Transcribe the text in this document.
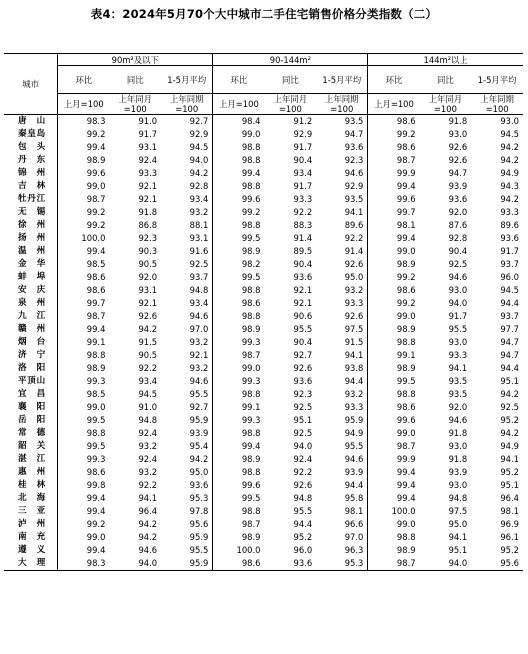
表4：2024年5月70个大中城市二手住宅销售价格分类指数（二）
城市	90m²及以下			90-144m²			144m²以上		
	环比	同比	1-5月平均	环比	同比	1-5月平均	环比	同比	1-5月平均
	上月=100	上年同月=100	上年同期=100	上月=100	上年同月=100	上年同期=100	上月=100	上年同月=100	上年同期=100
唐山	98.3	91.0	92.7	98.4	91.2	93.5	98.6	91.8	93.0
秦皇岛	99.2	91.7	92.9	99.0	92.9	94.7	99.2	93.0	94.5
包头	99.4	93.1	94.5	98.8	91.7	93.6	98.6	92.6	94.2
丹东	98.9	92.4	94.0	98.8	90.4	92.3	98.7	92.6	94.2
锦州	99.6	93.3	94.2	99.4	93.4	94.6	99.9	94.7	94.9
吉林	99.0	92.1	92.8	98.8	91.7	92.9	99.4	93.9	94.3
牡丹江	98.7	92.1	93.4	99.6	93.3	93.5	99.6	93.6	94.2
无锡	99.2	91.8	93.2	99.2	92.2	94.1	99.7	92.0	93.3
徐州	99.2	86.8	88.1	98.8	88.3	89.6	98.1	87.6	89.6
扬州	100.0	92.3	93.1	99.5	91.4	92.2	99.4	92.8	93.6
温州	99.4	90.3	91.6	98.9	89.5	91.4	99.0	90.4	91.7
金华	98.5	90.5	92.5	98.2	90.4	92.6	98.9	92.5	93.7
蚌埠	98.6	92.0	93.7	99.5	93.6	95.0	99.2	94.6	96.0
安庆	98.6	93.1	94.8	98.8	92.1	93.2	98.6	93.0	94.5
泉州	99.7	92.1	93.4	98.6	92.1	93.3	99.2	94.0	94.4
九江	98.7	92.6	94.6	98.8	90.6	92.6	99.0	91.7	93.7
赣州	99.4	94.2	97.0	98.9	95.5	97.5	98.9	95.5	97.7
烟台	99.1	91.5	93.2	99.3	90.4	91.5	98.8	93.0	94.7
济宁	98.8	90.5	92.1	98.7	92.7	94.1	99.1	93.3	94.7
洛阳	98.9	92.2	93.2	99.0	92.6	93.8	98.9	94.1	94.4
平顶山	99.3	93.4	94.6	99.3	93.6	94.4	99.5	93.5	95.1
宜昌	98.5	94.5	95.5	98.8	92.3	93.2	98.8	93.5	94.2
襄阳	99.0	91.0	92.7	99.1	92.5	93.3	98.6	92.0	92.5
岳阳	99.5	94.8	95.9	99.3	95.1	95.9	99.6	94.6	95.2
常德	98.8	92.4	93.9	98.8	92.5	94.9	99.0	91.8	94.2
韶关	99.5	93.2	95.4	99.4	94.0	95.5	98.7	93.0	94.9
湛江	99.3	92.4	94.2	98.9	92.4	94.6	99.9	91.8	94.1
惠州	98.6	93.2	95.0	98.8	92.2	93.9	99.4	93.9	95.2
桂林	99.8	92.2	93.6	99.6	92.6	94.4	99.4	93.0	95.1
北海	99.4	94.1	95.3	99.5	94.8	95.8	99.4	94.8	96.4
三亚	99.4	96.4	97.8	98.8	95.5	98.1	100.0	97.5	98.1
泸州	99.2	94.2	95.6	98.7	94.4	96.6	99.0	95.0	96.9
南充	99.0	94.2	95.9	98.9	95.2	97.0	98.8	94.1	96.1
遵义	99.4	94.6	95.5	100.0	96.0	96.3	98.9	95.1	95.2
大理	98.3	94.0	95.9	98.6	93.6	95.3	98.7	94.0	95.6
